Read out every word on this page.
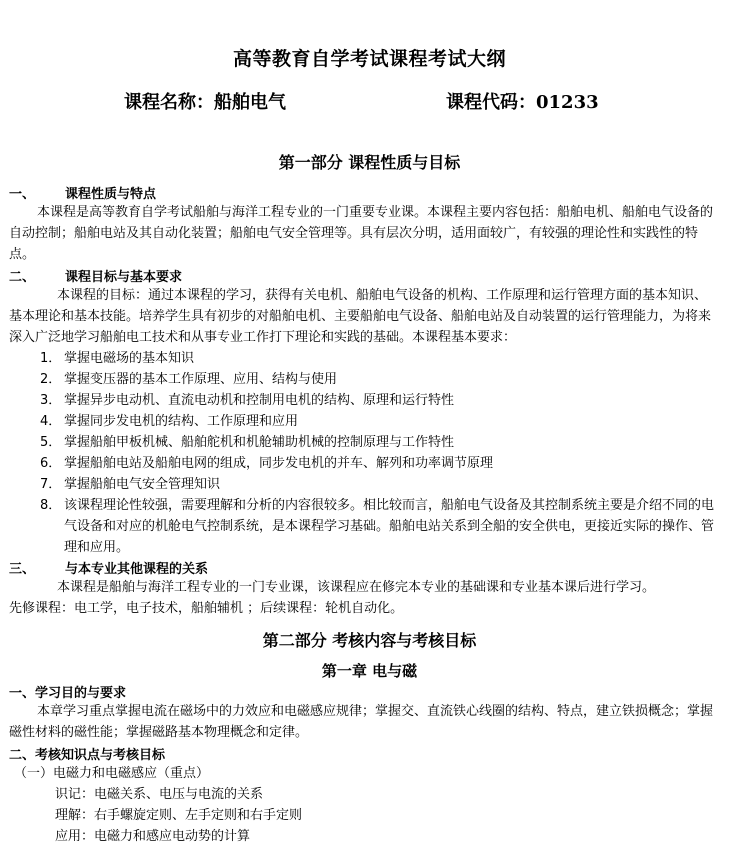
高等教育自学考试课程考试大纲
课程名称：船舶电气	课程代码：01233
第一部分 课程性质与目标
一、 课程性质与特点
本课程是高等教育自学考试船舶与海洋工程专业的一门重要专业课。本课程主要内容包括：船舶电机、船舶电气设备的自动控制；船舶电站及其自动化装置；船舶电气安全管理等。具有层次分明，适用面较广，有较强的理论性和实践性的特点。
二、 课程目标与基本要求
本课程的目标：通过本课程的学习，获得有关电机、船舶电气设备的机构、工作原理和运行管理方面的基本知识、基本理论和基本技能。培养学生具有初步的对船舶电机、主要船舶电气设备、船舶电站及自动装置的运行管理能力，为将来深入广泛地学习船舶电工技术和从事专业工作打下理论和实践的基础。本课程基本要求：
1． 掌握电磁场的基本知识
2． 掌握变压器的基本工作原理、应用、结构与使用
3． 掌握异步电动机、直流电动机和控制用电机的结构、原理和运行特性
4． 掌握同步发电机的结构、工作原理和应用
5． 掌握船舶甲板机械、船舶舵机和机舱辅助机械的控制原理与工作特性
6． 掌握船舶电站及船舶电网的组成，同步发电机的并车、解列和功率调节原理
7． 掌握船舶电气安全管理知识
8． 该课程理论性较强，需要理解和分析的内容很较多。相比较而言，船舶电气设备及其控制系统主要是介绍不同的电气设备和对应的机舱电气控制系统，是本课程学习基础。船舶电站关系到全船的安全供电，更接近实际的操作、管理和应用。
三、 与本专业其他课程的关系
本课程是船舶与海洋工程专业的一门专业课，该课程应在修完本专业的基础课和专业基本课后进行学习。
先修课程：电工学，电子技术，船舶辅机 ；后续课程：轮机自动化。
第二部分 考核内容与考核目标
第一章 电与磁
一、学习目的与要求
本章学习重点掌握电流在磁场中的力效应和电磁感应规律；掌握交、直流铁心线圈的结构、特点，建立铁损概念；掌握磁性材料的磁性能；掌握磁路基本物理概念和定律。
二、考核知识点与考核目标
（一）电磁力和电磁感应（重点）
识记：电磁关系、电压与电流的关系
理解：右手螺旋定则、左手定则和右手定则
应用：电磁力和感应电动势的计算
